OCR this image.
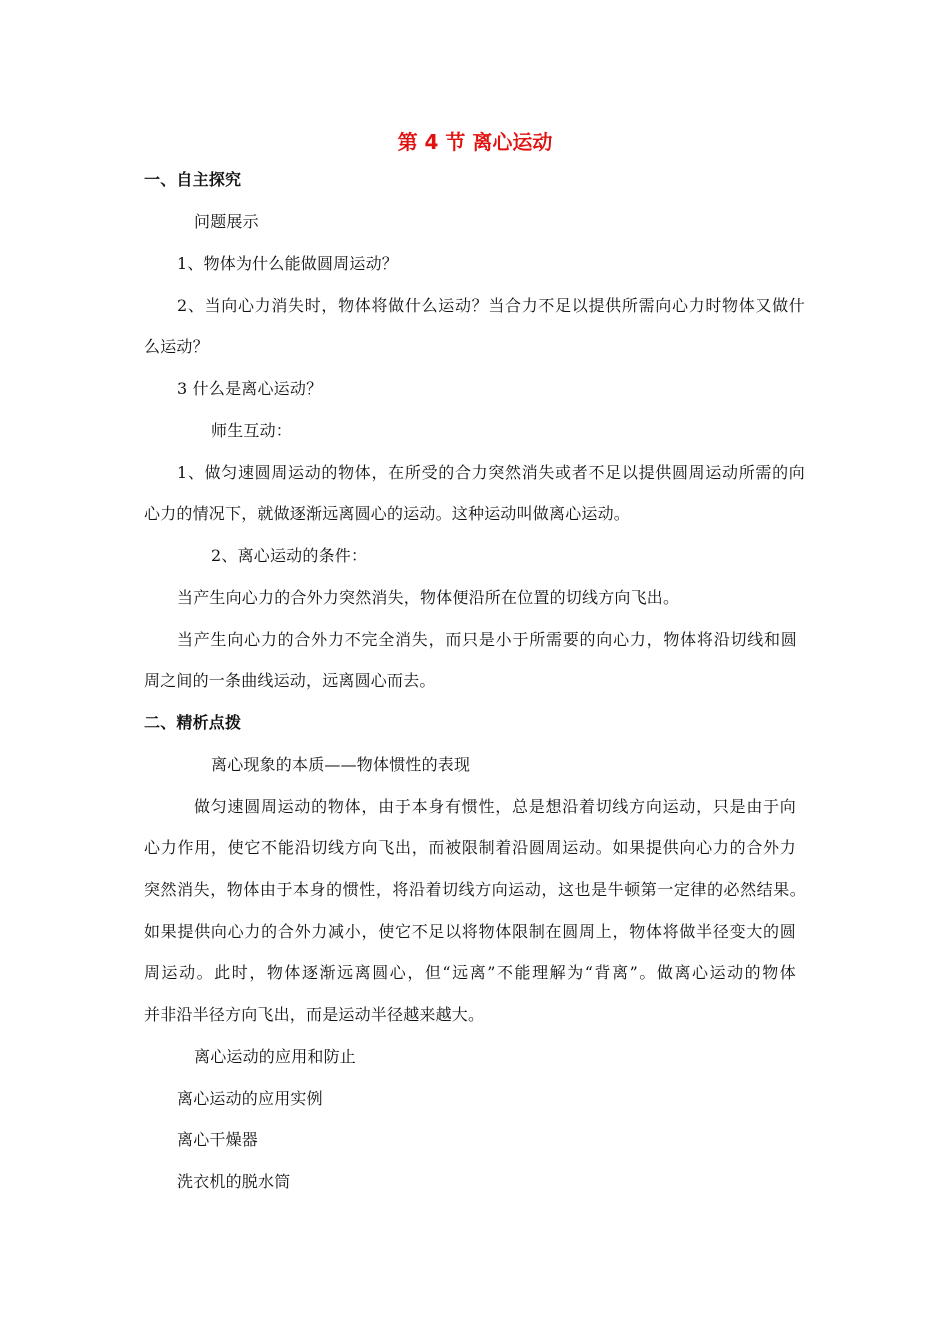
第 4 节 离心运动
一、自主探究
问题展示
1、物体为什么能做圆周运动？
2、当向心力消失时，物体将做什么运动？当合力不足以提供所需向心力时物体又做什
么运动？
3 什么是离心运动？
师生互动：
1、做匀速圆周运动的物体，在所受的合力突然消失或者不足以提供圆周运动所需的向
心力的情况下，就做逐渐远离圆心的运动。这种运动叫做离心运动。
2、离心运动的条件：
当产生向心力的合外力突然消失，物体便沿所在位置的切线方向飞出。
当产生向心力的合外力不完全消失，而只是小于所需要的向心力，物体将沿切线和圆
周之间的一条曲线运动，远离圆心而去。
二、精析点拨
离心现象的本质——物体惯性的表现
做匀速圆周运动的物体，由于本身有惯性，总是想沿着切线方向运动，只是由于向
心力作用，使它不能沿切线方向飞出，而被限制着沿圆周运动。如果提供向心力的合外力
突然消失，物体由于本身的惯性，将沿着切线方向运动，这也是牛顿第一定律的必然结果。
如果提供向心力的合外力减小，使它不足以将物体限制在圆周上，物体将做半径变大的圆
周运动。此时，物体逐渐远离圆心，但“远离”不能理解为“背离”。做离心运动的物体
并非沿半径方向飞出，而是运动半径越来越大。
离心运动的应用和防止
离心运动的应用实例
离心干燥器
洗衣机的脱水筒
